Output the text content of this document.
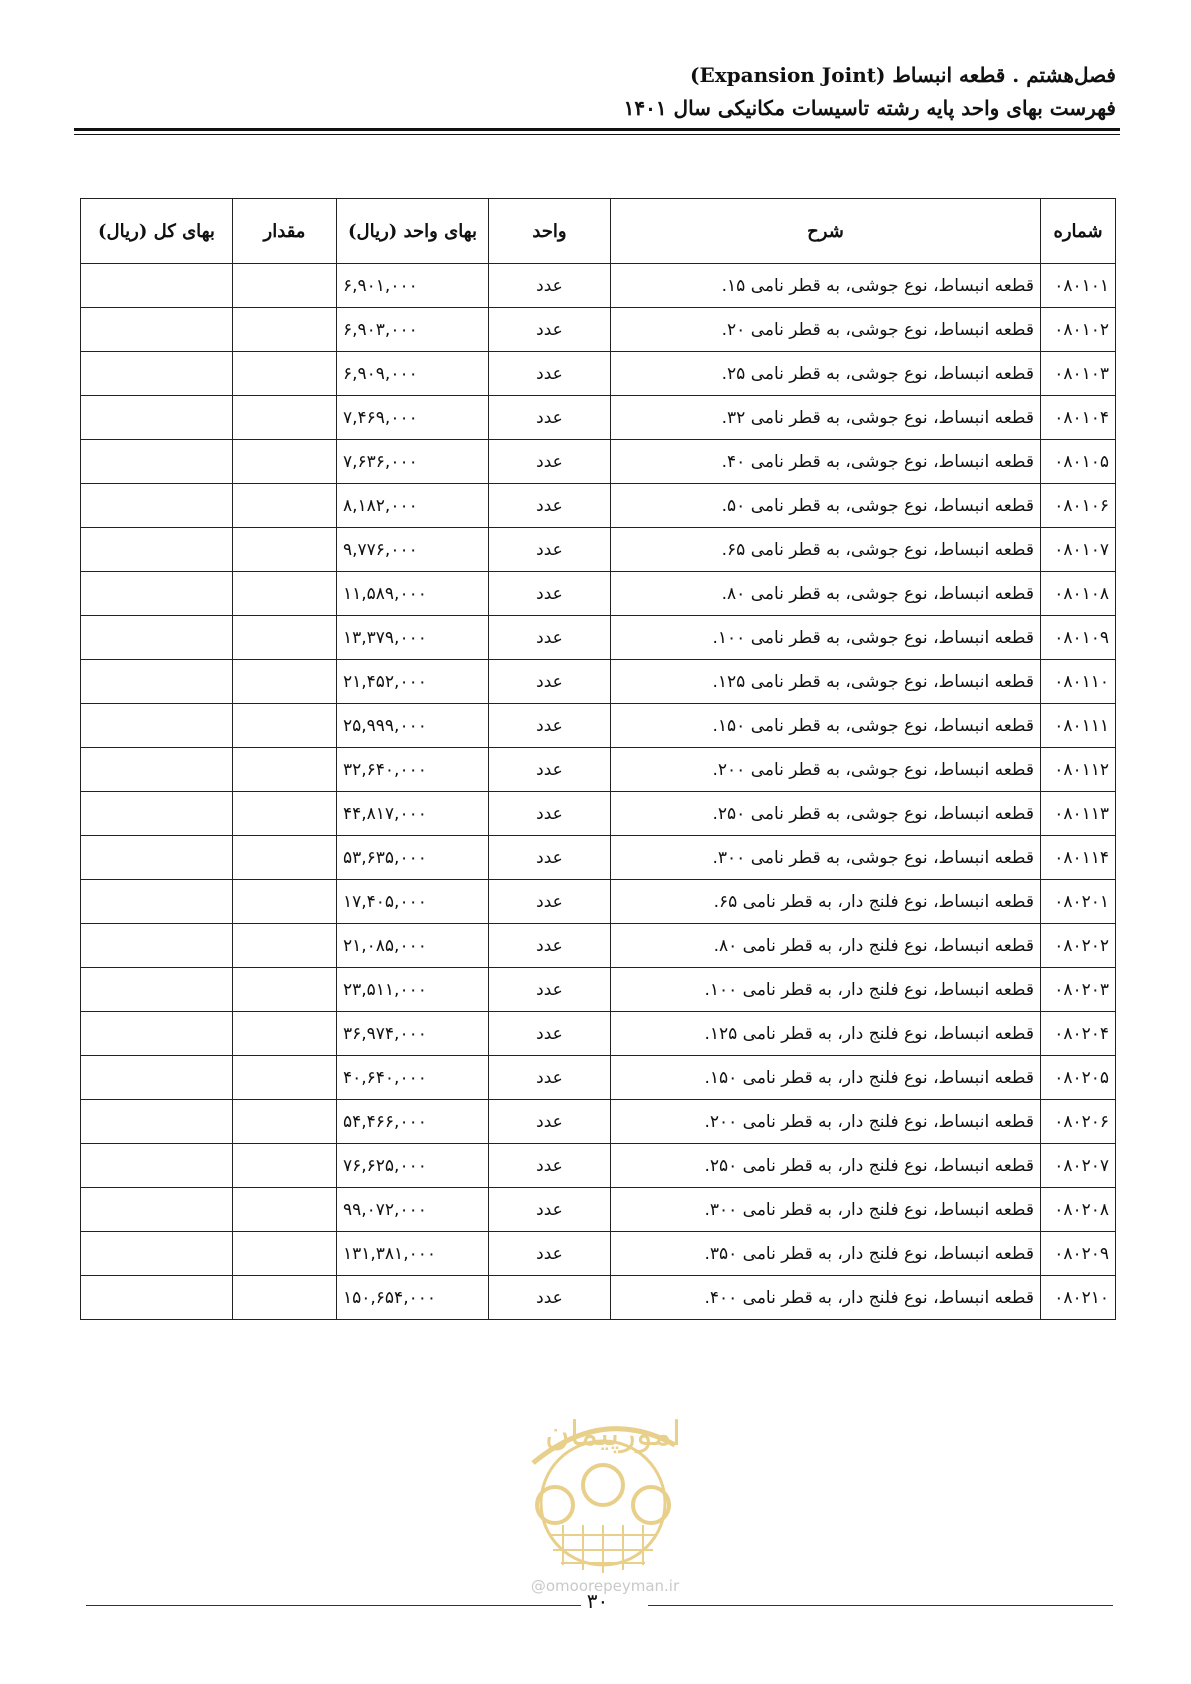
فصل‌هشتم . قطعه انبساط (Expansion Joint)
فهرست بهای واحد پایه رشته تاسیسات مکانیکی سال ۱۴۰۱
شماره	شرح	واحد	بهای واحد (ریال)	مقدار	بهای کل (ریال)
۰۸۰۱۰۱	قطعه انبساط، نوع جوشی، به قطر نامی ۱۵.	عدد	۶,۹۰۱,۰۰۰		
۰۸۰۱۰۲	قطعه انبساط، نوع جوشی، به قطر نامی ۲۰.	عدد	۶,۹۰۳,۰۰۰		
۰۸۰۱۰۳	قطعه انبساط، نوع جوشی، به قطر نامی ۲۵.	عدد	۶,۹۰۹,۰۰۰		
۰۸۰۱۰۴	قطعه انبساط، نوع جوشی، به قطر نامی ۳۲.	عدد	۷,۴۶۹,۰۰۰		
۰۸۰۱۰۵	قطعه انبساط، نوع جوشی، به قطر نامی ۴۰.	عدد	۷,۶۳۶,۰۰۰		
۰۸۰۱۰۶	قطعه انبساط، نوع جوشی، به قطر نامی ۵۰.	عدد	۸,۱۸۲,۰۰۰		
۰۸۰۱۰۷	قطعه انبساط، نوع جوشی، به قطر نامی ۶۵.	عدد	۹,۷۷۶,۰۰۰		
۰۸۰۱۰۸	قطعه انبساط، نوع جوشی، به قطر نامی ۸۰.	عدد	۱۱,۵۸۹,۰۰۰		
۰۸۰۱۰۹	قطعه انبساط، نوع جوشی، به قطر نامی ۱۰۰.	عدد	۱۳,۳۷۹,۰۰۰		
۰۸۰۱۱۰	قطعه انبساط، نوع جوشی، به قطر نامی ۱۲۵.	عدد	۲۱,۴۵۲,۰۰۰		
۰۸۰۱۱۱	قطعه انبساط، نوع جوشی، به قطر نامی ۱۵۰.	عدد	۲۵,۹۹۹,۰۰۰		
۰۸۰۱۱۲	قطعه انبساط، نوع جوشی، به قطر نامی ۲۰۰.	عدد	۳۲,۶۴۰,۰۰۰		
۰۸۰۱۱۳	قطعه انبساط، نوع جوشی، به قطر نامی ۲۵۰.	عدد	۴۴,۸۱۷,۰۰۰		
۰۸۰۱۱۴	قطعه انبساط، نوع جوشی، به قطر نامی ۳۰۰.	عدد	۵۳,۶۳۵,۰۰۰		
۰۸۰۲۰۱	قطعه انبساط، نوع فلنج دار، به قطر نامی ۶۵.	عدد	۱۷,۴۰۵,۰۰۰		
۰۸۰۲۰۲	قطعه انبساط، نوع فلنج دار، به قطر نامی ۸۰.	عدد	۲۱,۰۸۵,۰۰۰		
۰۸۰۲۰۳	قطعه انبساط، نوع فلنج دار، به قطر نامی ۱۰۰.	عدد	۲۳,۵۱۱,۰۰۰		
۰۸۰۲۰۴	قطعه انبساط، نوع فلنج دار، به قطر نامی ۱۲۵.	عدد	۳۶,۹۷۴,۰۰۰		
۰۸۰۲۰۵	قطعه انبساط، نوع فلنج دار، به قطر نامی ۱۵۰.	عدد	۴۰,۶۴۰,۰۰۰		
۰۸۰۲۰۶	قطعه انبساط، نوع فلنج دار، به قطر نامی ۲۰۰.	عدد	۵۴,۴۶۶,۰۰۰		
۰۸۰۲۰۷	قطعه انبساط، نوع فلنج دار، به قطر نامی ۲۵۰.	عدد	۷۶,۶۲۵,۰۰۰		
۰۸۰۲۰۸	قطعه انبساط، نوع فلنج دار، به قطر نامی ۳۰۰.	عدد	۹۹,۰۷۲,۰۰۰		
۰۸۰۲۰۹	قطعه انبساط، نوع فلنج دار، به قطر نامی ۳۵۰.	عدد	۱۳۱,۳۸۱,۰۰۰		
۰۸۰۲۱۰	قطعه انبساط، نوع فلنج دار، به قطر نامی ۴۰۰.	عدد	۱۵۰,۶۵۴,۰۰۰		
امورپیمان
@omoorepeyman.ir
۳۰
